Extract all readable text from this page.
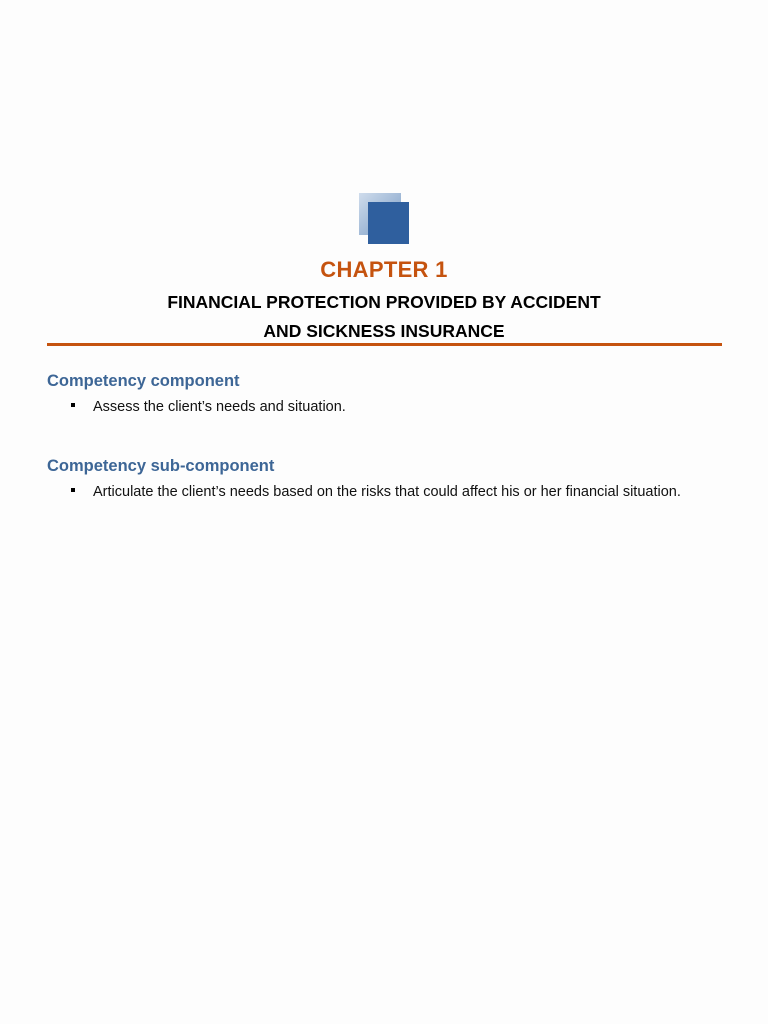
CHAPTER 1
FINANCIAL PROTECTION PROVIDED BY ACCIDENT
AND SICKNESS INSURANCE
Competency component
Assess the client’s needs and situation.
Competency sub-component
Articulate the client’s needs based on the risks that could affect his or her financial situation.
